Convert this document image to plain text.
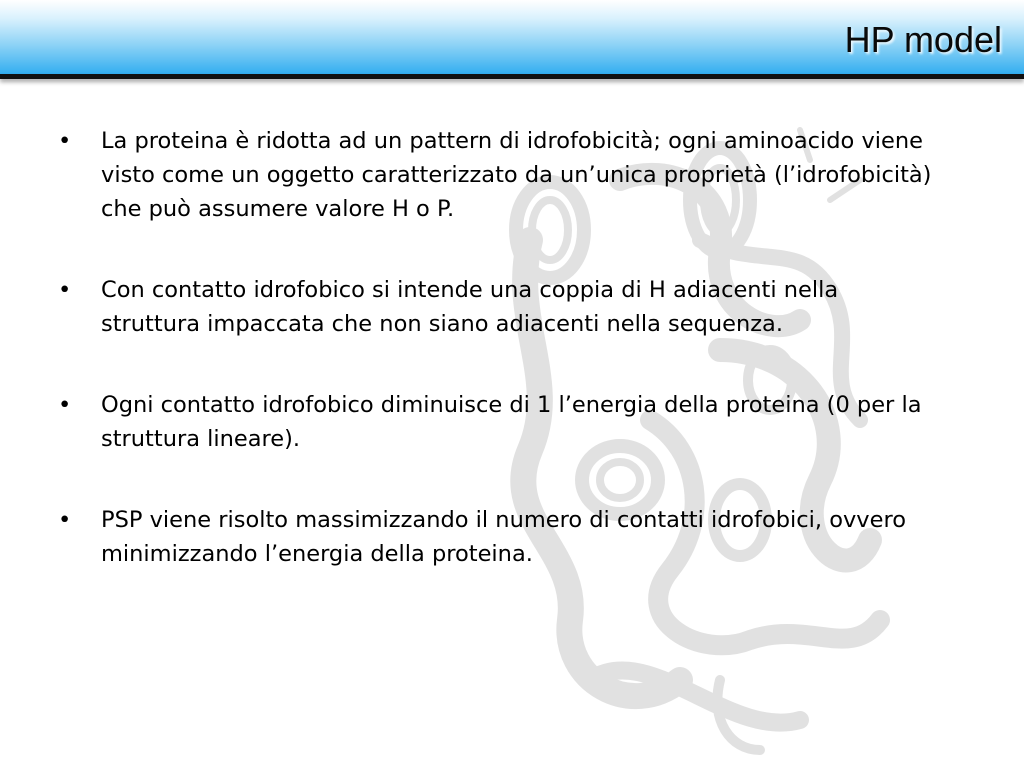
HP model
• La proteina è ridotta ad un pattern di idrofobicità; ogni aminoacido viene visto come un oggetto caratterizzato da un’unica proprietà (l’idrofobicità) che può assumere valore H o P.
• Con contatto idrofobico si intende una coppia di H adiacenti nella struttura impaccata che non siano adiacenti nella sequenza.
• Ogni contatto idrofobico diminuisce di 1 l’energia della proteina (0 per la struttura lineare).
• PSP viene risolto massimizzando il numero di contatti idrofobici, ovvero minimizzando l’energia della proteina.
